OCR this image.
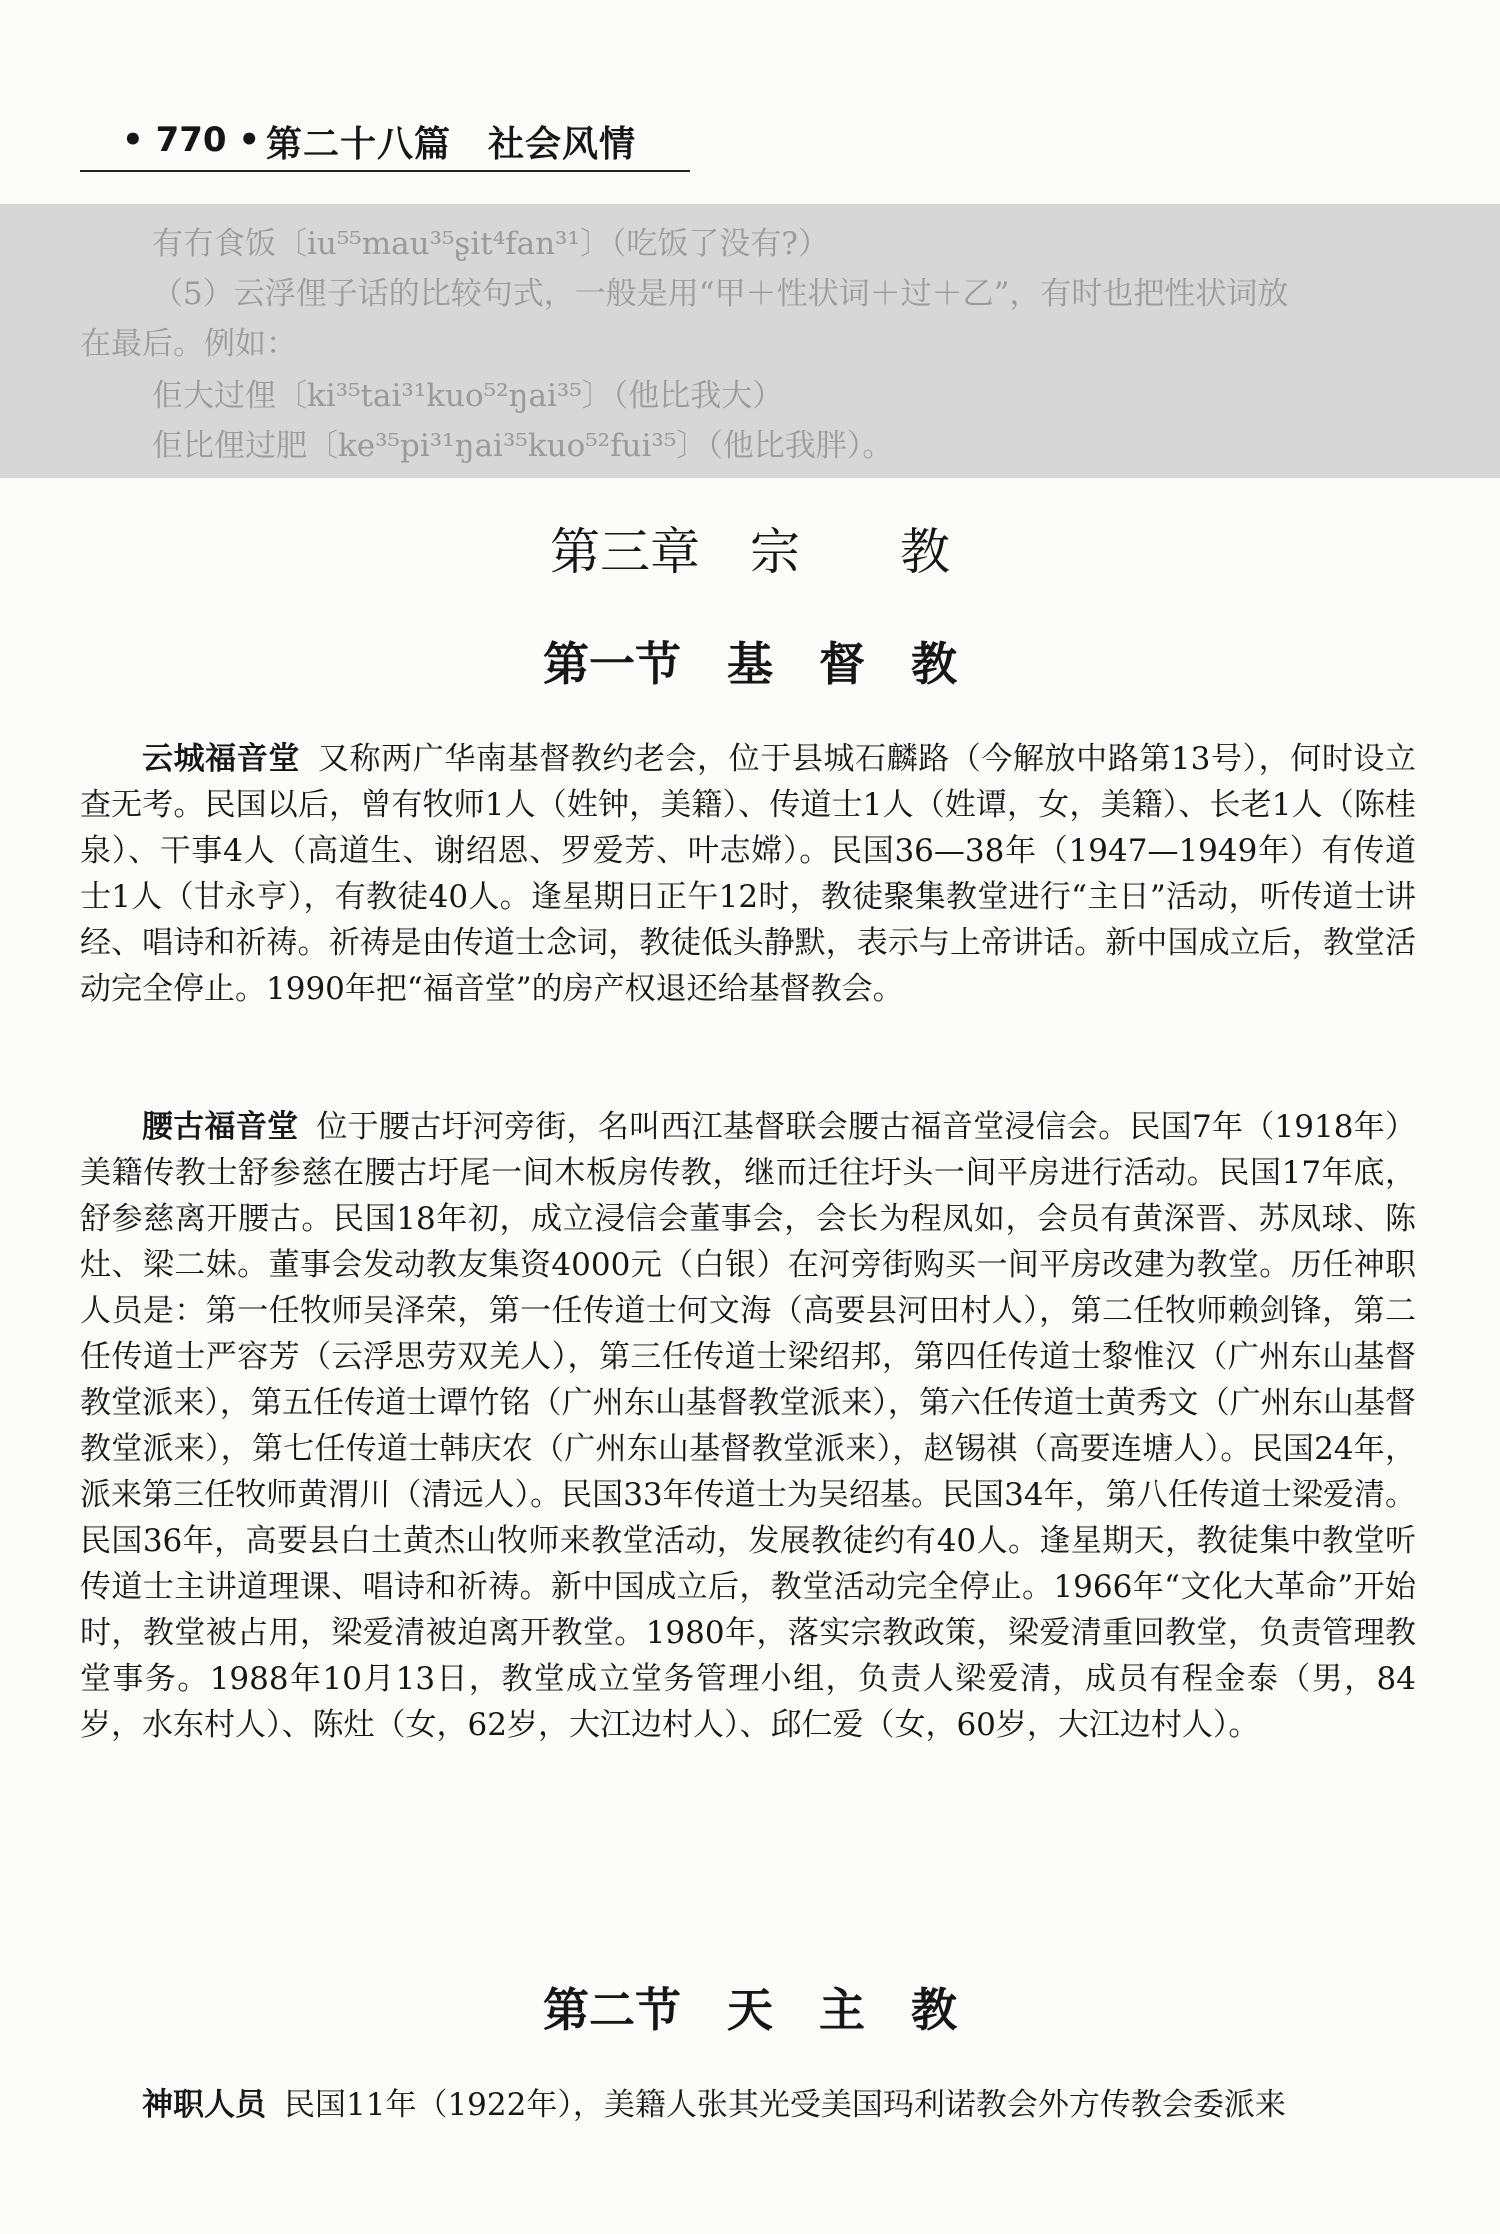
• 770 • 第二十八篇　社会风情

有冇食饭〔iu⁵⁵mau³⁵ʂit⁴fan³¹〕（吃饭了没有?）

（5）云浮俚子话的比较句式，一般是用“甲＋性状词＋过＋乙”，有时也把性状词放

在最后。例如：

佢大过俚〔ki³⁵tai³¹kuo⁵²ŋai³⁵〕（他比我大）

佢比俚过肥〔ke³⁵pi³¹ŋai³⁵kuo⁵²fui³⁵〕（他比我胖）。

第三章　宗　　教
第一节　基　督　教

云城福音堂 又称两广华南基督教约老会，位于县城石麟路（今解放中路第13号），何时设立查无考。民国以后，曾有牧师1人（姓钟，美籍）、传道士1人（姓谭，女，美籍）、长老1人（陈桂泉）、干事4人（高道生、谢绍恩、罗爱芳、叶志嫦）。民国36—38年（1947—1949年）有传道士1人（甘永亨），有教徒40人。逢星期日正午12时，教徒聚集教堂进行“主日”活动，听传道士讲经、唱诗和祈祷。祈祷是由传道士念词，教徒低头静默，表示与上帝讲话。新中国成立后，教堂活动完全停止。1990年把“福音堂”的房产权退还给基督教会。

腰古福音堂 位于腰古圩河旁街，名叫西江基督联会腰古福音堂浸信会。民国7年（1918年）美籍传教士舒参慈在腰古圩尾一间木板房传教，继而迁往圩头一间平房进行活动。民国17年底，舒参慈离开腰古。民国18年初，成立浸信会董事会，会长为程凤如，会员有黄深晋、苏凤球、陈灶、梁二妹。董事会发动教友集资4000元（白银）在河旁街购买一间平房改建为教堂。历任神职人员是：第一任牧师吴泽荣，第一任传道士何文海（高要县河田村人），第二任牧师赖剑锋，第二任传道士严容芳（云浮思劳双羌人），第三任传道士梁绍邦，第四任传道士黎惟汉（广州东山基督教堂派来），第五任传道士谭竹铭（广州东山基督教堂派来），第六任传道士黄秀文（广州东山基督教堂派来），第七任传道士韩庆农（广州东山基督教堂派来），赵锡祺（高要连塘人）。民国24年，派来第三任牧师黄渭川（清远人）。民国33年传道士为吴绍基。民国34年，第八任传道士梁爱清。民国36年，高要县白土黄杰山牧师来教堂活动，发展教徒约有40人。逢星期天，教徒集中教堂听传道士主讲道理课、唱诗和祈祷。新中国成立后，教堂活动完全停止。1966年“文化大革命”开始时，教堂被占用，梁爱清被迫离开教堂。1980年，落实宗教政策，梁爱清重回教堂，负责管理教堂事务。1988年10月13日，教堂成立堂务管理小组，负责人梁爱清，成员有程金泰（男，84岁，水东村人）、陈灶（女，62岁，大江边村人）、邱仁爱（女，60岁，大江边村人）。

第二节　天　主　教

神职人员 民国11年（1922年），美籍人张其光受美国玛利诺教会外方传教会委派来
